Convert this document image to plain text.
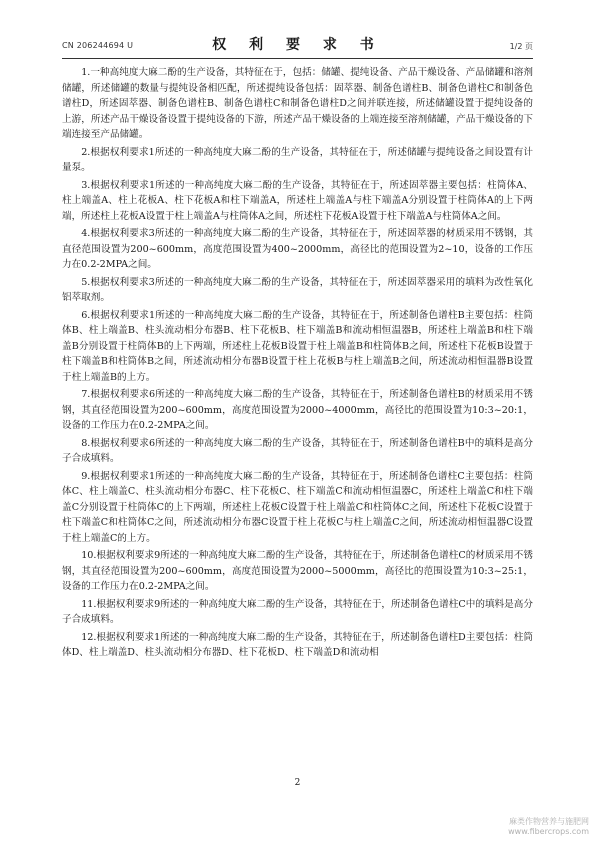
CN 206244694 U	权 利 要 求 书	1/2 页

1.一种高纯度大麻二酚的生产设备，其特征在于，包括：储罐、提纯设备、产品干燥设备、产品储罐和溶剂储罐，所述储罐的数量与提纯设备相匹配，所述提纯设备包括：固萃器、制备色谱柱B、制备色谱柱C和制备色谱柱D，所述固萃器、制备色谱柱B、制备色谱柱C和制备色谱柱D之间并联连接，所述储罐设置于提纯设备的上游，所述产品干燥设备设置于提纯设备的下游，所述产品干燥设备的上端连接至溶剂储罐，产品干燥设备的下端连接至产品储罐。

2.根据权利要求1所述的一种高纯度大麻二酚的生产设备，其特征在于，所述储罐与提纯设备之间设置有计量泵。

3.根据权利要求1所述的一种高纯度大麻二酚的生产设备，其特征在于，所述固萃器主要包括：柱筒体A、柱上端盖A、柱上花板A、柱下花板A和柱下端盖A，所述柱上端盖A与柱下端盖A分别设置于柱筒体A的上下两端，所述柱上花板A设置于柱上端盖A与柱筒体A之间，所述柱下花板A设置于柱下端盖A与柱筒体A之间。

4.根据权利要求3所述的一种高纯度大麻二酚的生产设备，其特征在于，所述固萃器的材质采用不锈钢，其直径范围设置为200~600mm，高度范围设置为400~2000mm，高径比的范围设置为2~10，设备的工作压力在0.2-2MPA之间。

5.根据权利要求3所述的一种高纯度大麻二酚的生产设备，其特征在于，所述固萃器采用的填料为改性氧化铝萃取剂。

6.根据权利要求1所述的一种高纯度大麻二酚的生产设备，其特征在于，所述制备色谱柱B主要包括：柱筒体B、柱上端盖B、柱头流动相分布器B、柱下花板B、柱下端盖B和流动相恒温器B，所述柱上端盖B和柱下端盖B分别设置于柱筒体B的上下两端，所述柱上花板B设置于柱上端盖B和柱筒体B之间，所述柱下花板B设置于柱下端盖B和柱筒体B之间，所述流动相分布器B设置于柱上花板B与柱上端盖B之间，所述流动相恒温器B设置于柱上端盖B的上方。

7.根据权利要求6所述的一种高纯度大麻二酚的生产设备，其特征在于，所述制备色谱柱B的材质采用不锈钢，其直径范围设置为200~600mm，高度范围设置为2000~4000mm，高径比的范围设置为10:3~20:1，设备的工作压力在0.2-2MPA之间。

8.根据权利要求6所述的一种高纯度大麻二酚的生产设备，其特征在于，所述制备色谱柱B中的填料是高分子合成填料。

9.根据权利要求1所述的一种高纯度大麻二酚的生产设备，其特征在于，所述制备色谱柱C主要包括：柱筒体C、柱上端盖C、柱头流动相分布器C、柱下花板C、柱下端盖C和流动相恒温器C，所述柱上端盖C和柱下端盖C分别设置于柱筒体C的上下两端，所述柱上花板C设置于柱上端盖C和柱筒体C之间，所述柱下花板C设置于柱下端盖C和柱筒体C之间，所述流动相分布器C设置于柱上花板C与柱上端盖C之间，所述流动相恒温器C设置于柱上端盖C的上方。

10.根据权利要求9所述的一种高纯度大麻二酚的生产设备，其特征在于，所述制备色谱柱C的材质采用不锈钢，其直径范围设置为200~600mm，高度范围设置为2000~5000mm，高径比的范围设置为10:3~25:1，设备的工作压力在0.2-2MPA之间。

11.根据权利要求9所述的一种高纯度大麻二酚的生产设备，其特征在于，所述制备色谱柱C中的填料是高分子合成填料。

12.根据权利要求1所述的一种高纯度大麻二酚的生产设备，其特征在于，所述制备色谱柱D主要包括：柱筒体D、柱上端盖D、柱头流动相分布器D、柱下花板D、柱下端盖D和流动相

2
麻类作物营养与施肥网
www.fibercrops.com
